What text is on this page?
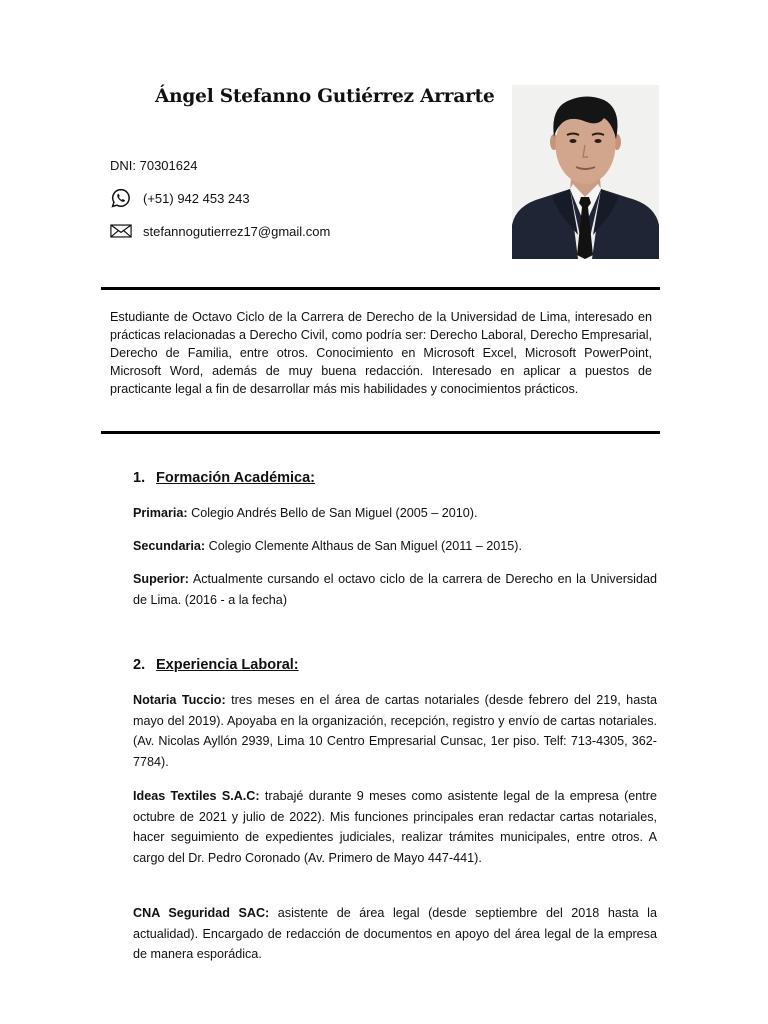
Ángel Stefanno Gutiérrez Arrarte
DNI: 70301624
(+51) 942 453 243
stefannogutierrez17@gmail.com
Estudiante de Octavo Ciclo de la Carrera de Derecho de la Universidad de Lima, interesado en prácticas relacionadas a Derecho Civil, como podría ser: Derecho Laboral, Derecho Empresarial, Derecho de Familia, entre otros. Conocimiento en Microsoft Excel, Microsoft PowerPoint, Microsoft Word, además de muy buena redacción. Interesado en aplicar a puestos de practicante legal a fin de desarrollar más mis habilidades y conocimientos prácticos.
1. Formación Académica:
Primaria: Colegio Andrés Bello de San Miguel (2005 – 2010).
Secundaria: Colegio Clemente Althaus de San Miguel (2011 – 2015).
Superior: Actualmente cursando el octavo ciclo de la carrera de Derecho en la Universidad de Lima. (2016 - a la fecha)
2. Experiencia Laboral:
Notaria Tuccio: tres meses en el área de cartas notariales (desde febrero del 219, hasta mayo del 2019). Apoyaba en la organización, recepción, registro y envío de cartas notariales. (Av. Nicolas Ayllón 2939, Lima 10 Centro Empresarial Cunsac, 1er piso. Telf: 713-4305, 362-7784).
Ideas Textiles S.A.C: trabajé durante 9 meses como asistente legal de la empresa (entre octubre de 2021 y julio de 2022). Mis funciones principales eran redactar cartas notariales, hacer seguimiento de expedientes judiciales, realizar trámites municipales, entre otros. A cargo del Dr. Pedro Coronado (Av. Primero de Mayo 447-441).
CNA Seguridad SAC: asistente de área legal (desde septiembre del 2018 hasta la actualidad). Encargado de redacción de documentos en apoyo del área legal de la empresa de manera esporádica.
